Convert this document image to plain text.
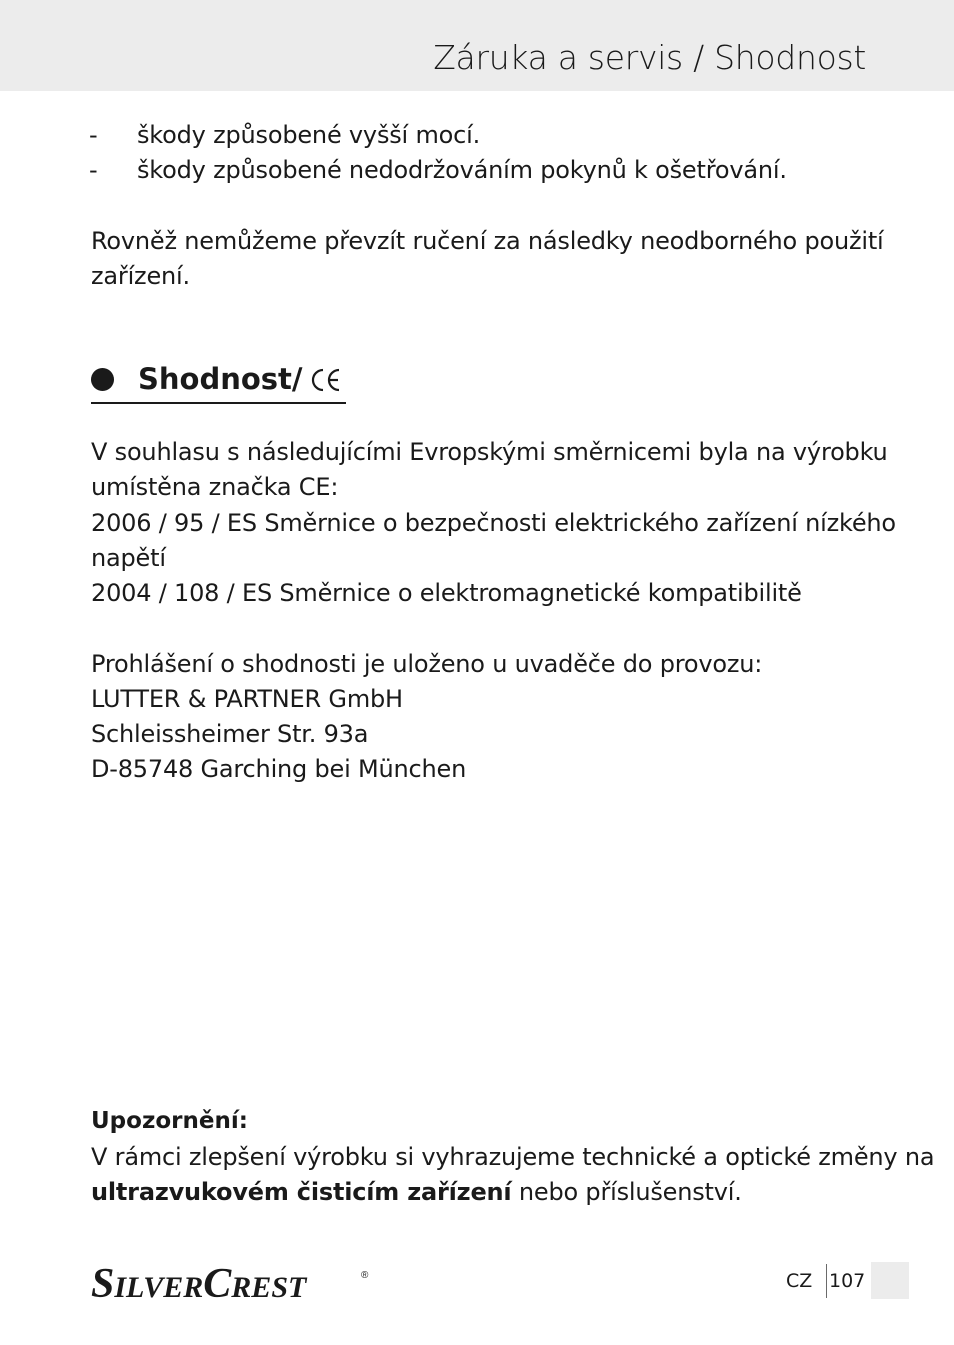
Záruka a servis / Shodnost
- škody způsobené vyšší mocí.
- škody způsobené nedodržováním pokynů k ošetřování.
Rovněž nemůžeme převzít ručení za následky neodborného použití
zařízení.
Shodnost/
V souhlasu s následujícími Evropskými směrnicemi byla na výrobku
umístěna značka CE:
2006 / 95 / ES Směrnice o bezpečnosti elektrického zařízení nízkého
napětí
2004 / 108 / ES Směrnice o elektromagnetické kompatibilitě
Prohlášení o shodnosti je uloženo u uvaděče do provozu:
LUTTER & PARTNER GmbH
Schleissheimer Str. 93a
D-85748 Garching bei München
Upozornění:
V rámci zlepšení výrobku si vyhrazujeme technické a optické změny na
ultrazvukovém čisticím zařízení nebo příslušenství.
SILVERCREST	®	CZ 107
